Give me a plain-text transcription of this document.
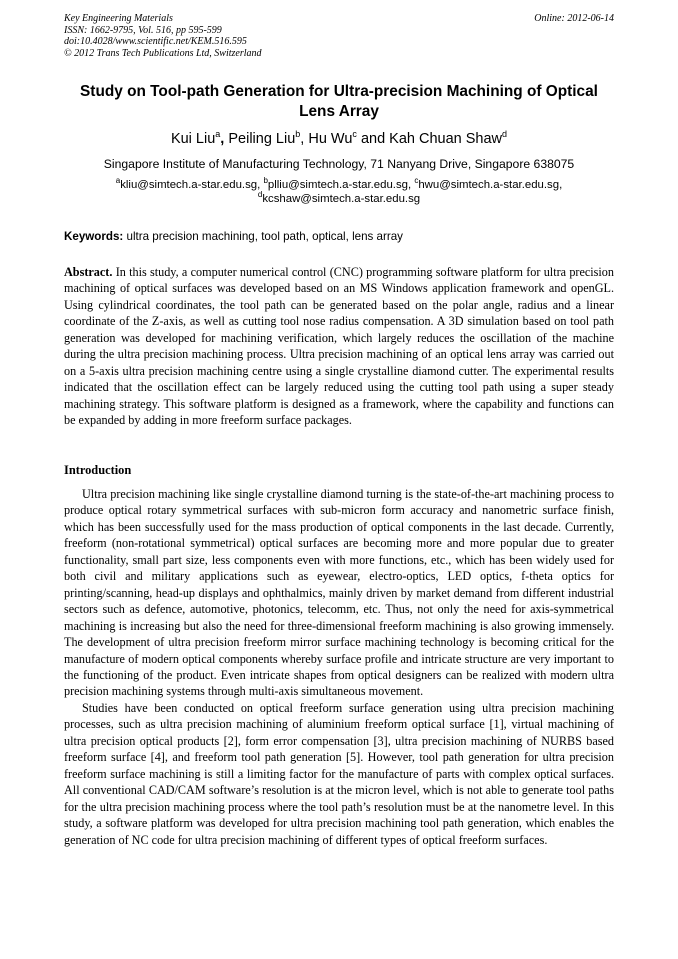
Key Engineering Materials
ISSN: 1662-9795, Vol. 516, pp 595-599
doi:10.4028/www.scientific.net/KEM.516.595
© 2012 Trans Tech Publications Ltd, Switzerland
Online: 2012-06-14
Study on Tool-path Generation for Ultra-precision Machining of Optical Lens Array
Kui Liu$^a$, Peiling Liu$^b$, Hu Wu$^c$ and Kah Chuan Shaw$^d$
Singapore Institute of Manufacturing Technology, 71 Nanyang Drive, Singapore 638075
$^a$kliu@simtech.a-star.edu.sg, $^b$plliu@simtech.a-star.edu.sg, $^c$hwu@simtech.a-star.edu.sg,
$^d$kcshaw@simtech.a-star.edu.sg
Keywords: ultra precision machining, tool path, optical, lens array
Abstract. In this study, a computer numerical control (CNC) programming software platform for ultra precision machining of optical surfaces was developed based on an MS Windows application framework and openGL. Using cylindrical coordinates, the tool path can be generated based on the polar angle, radius and a linear coordinate of the Z-axis, as well as cutting tool nose radius compensation. A 3D simulation based on tool path generation was developed for machining verification, which largely reduces the oscillation of the machine during the ultra precision machining process. Ultra precision machining of an optical lens array was carried out on a 5-axis ultra precision machining centre using a single crystalline diamond cutter. The experimental results indicated that the oscillation effect can be largely reduced using the cutting tool path using a super steady machining strategy. This software platform is designed as a framework, where the capability and functions can be expanded by adding in more freeform surface packages.
Introduction

Ultra precision machining like single crystalline diamond turning is the state-of-the-art machining process to produce optical rotary symmetrical surfaces with sub-micron form accuracy and nanometric surface finish, which has been successfully used for the mass production of optical components in the last decade. Currently, freeform (non-rotational symmetrical) optical surfaces are becoming more and more popular due to greater functionality, small part size, less components even with more functions, etc., which has been widely used for both civil and military applications such as eyewear, electro-optics, LED optics, f-theta optics for printing/scanning, head-up displays and ophthalmics, mainly driven by market demand from different industrial sectors such as defence, automotive, photonics, telecomm, etc. Thus, not only the need for axis-symmetrical machining is increasing but also the need for three-dimensional freeform machining is also growing immensely. The development of ultra precision freeform mirror surface machining technology is becoming critical for the manufacture of modern optical components whereby surface profile and intricate structure are very important to the functioning of the product. Even intricate shapes from optical designers can be realized with modern ultra precision machining systems through multi-axis simultaneous movement.

Studies have been conducted on optical freeform surface generation using ultra precision machining processes, such as ultra precision machining of aluminium freeform optical surface [1], virtual machining of ultra precision optical products [2], form error compensation [3], ultra precision machining of NURBS based freeform surface [4], and freeform tool path generation [5]. However, tool path generation for ultra precision freeform surface machining is still a limiting factor for the manufacture of parts with complex optical surfaces. All conventional CAD/CAM software’s resolution is at the micron level, which is not able to generate tool paths for the ultra precision machining process where the tool path’s resolution must be at the nanometre level. In this study, a software platform was developed for ultra precision machining tool path generation, which enables the generation of NC code for ultra precision machining of different types of optical freeform surfaces.
